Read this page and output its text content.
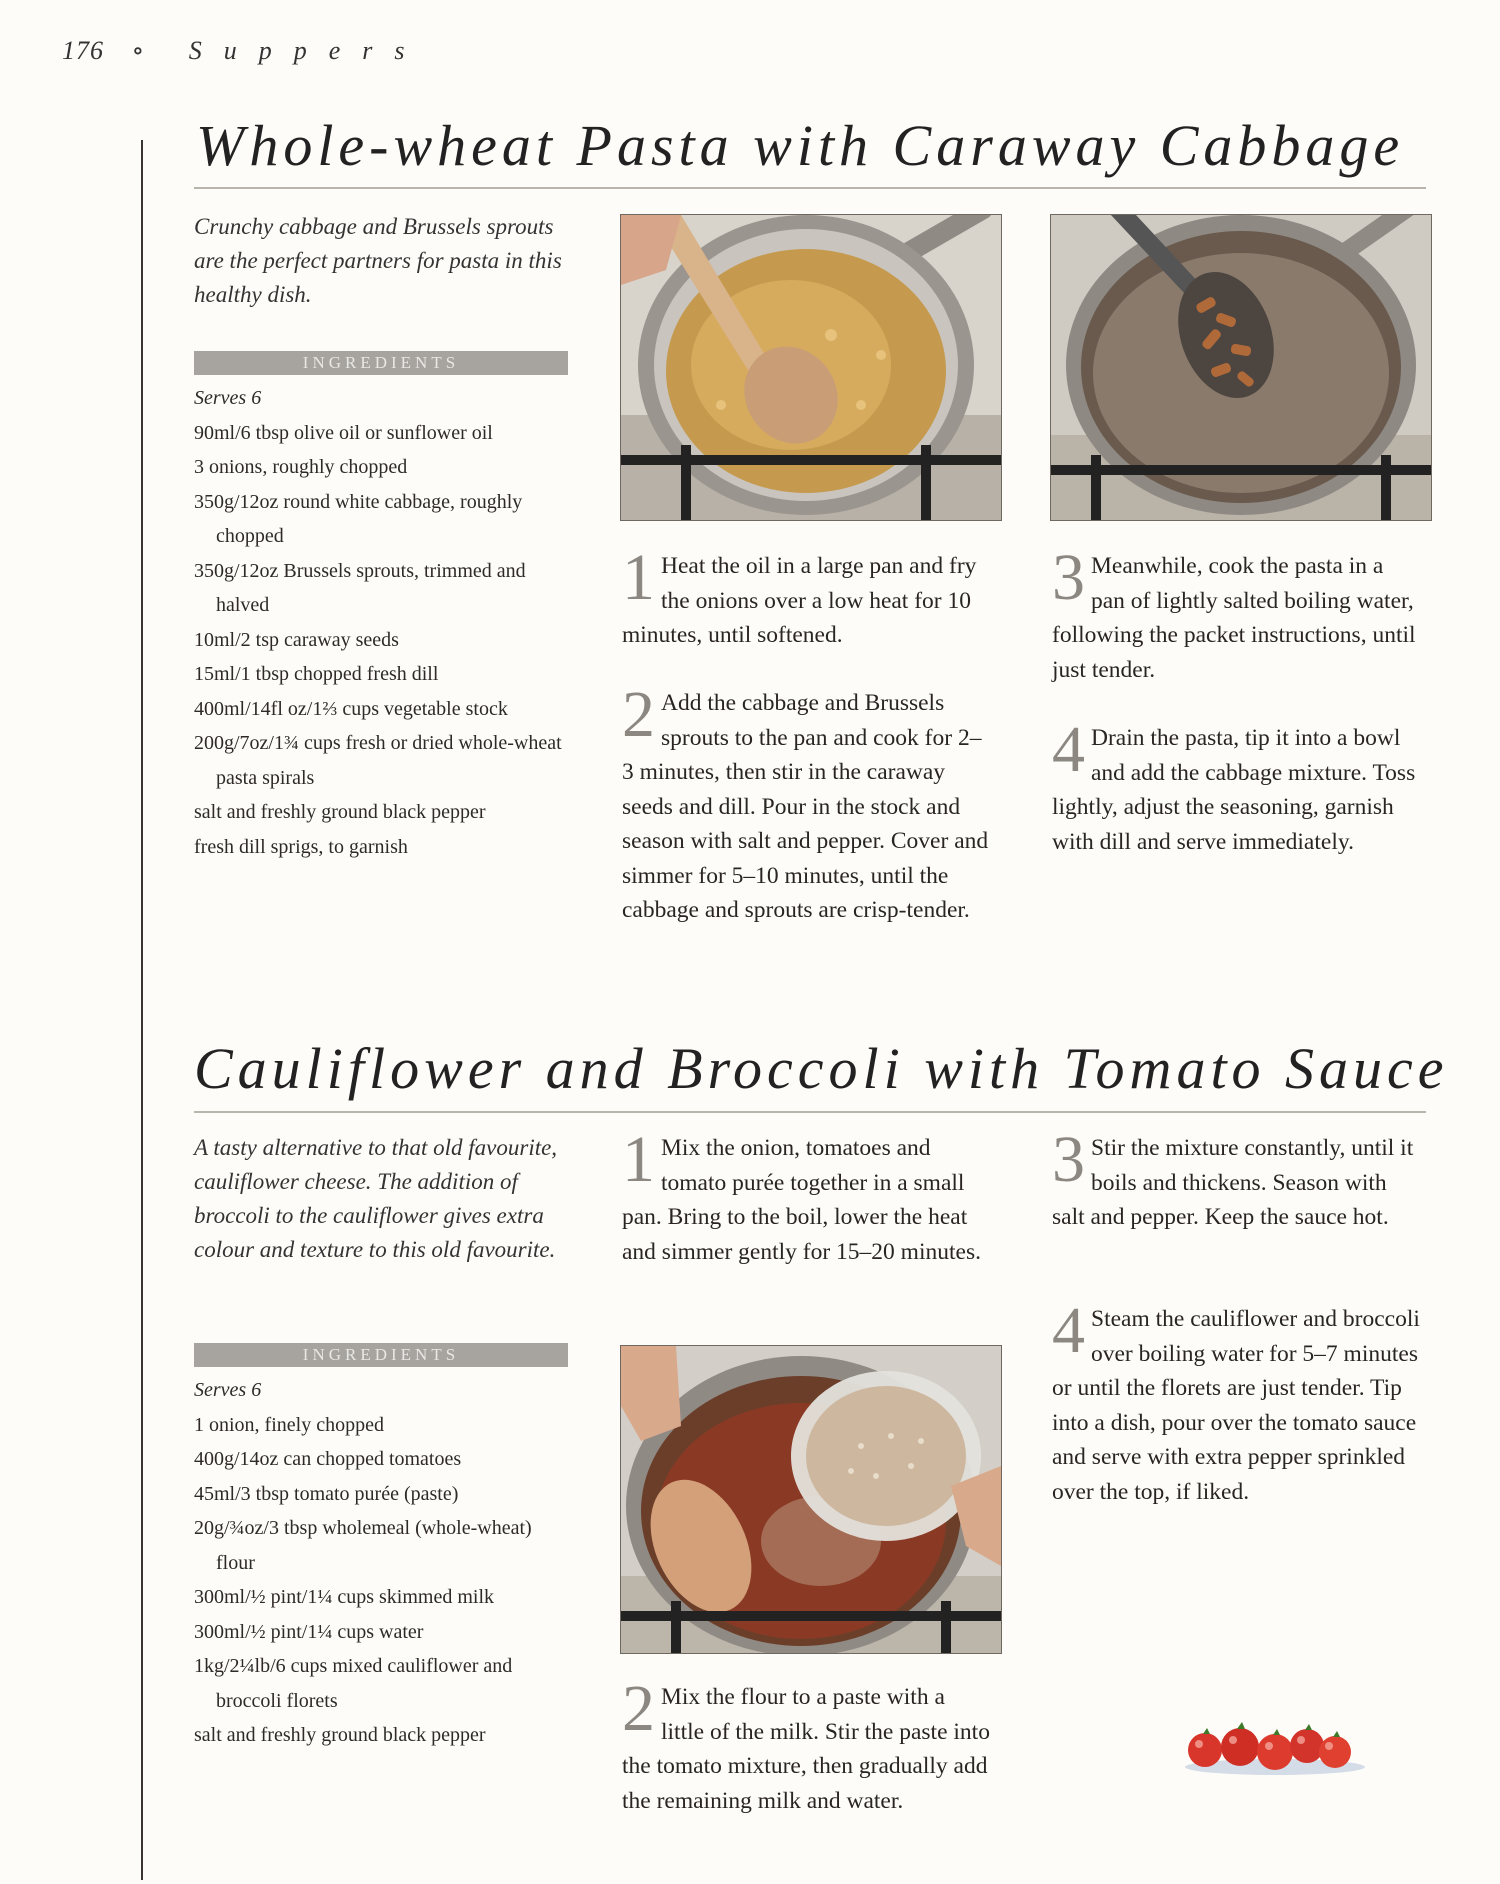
176 ∘ Suppers
Whole-wheat Pasta with Caraway Cabbage
Crunchy cabbage and Brussels sprouts are the perfect partners for pasta in this healthy dish.
INGREDIENTS
Serves 6
90ml/6 tbsp olive oil or sunflower oil
3 onions, roughly chopped
350g/12oz round white cabbage, roughly chopped
350g/12oz Brussels sprouts, trimmed and halved
10ml/2 tsp caraway seeds
15ml/1 tbsp chopped fresh dill
400ml/14fl oz/1⅔ cups vegetable stock
200g/7oz/1¾ cups fresh or dried whole-wheat pasta spirals
salt and freshly ground black pepper
fresh dill sprigs, to garnish
1 Heat the oil in a large pan and fry the onions over a low heat for 10 minutes, until softened.
2 Add the cabbage and Brussels sprouts to the pan and cook for 2–3 minutes, then stir in the caraway seeds and dill. Pour in the stock and season with salt and pepper. Cover and simmer for 5–10 minutes, until the cabbage and sprouts are crisp-tender.
3 Meanwhile, cook the pasta in a pan of lightly salted boiling water, following the packet instructions, until just tender.
4 Drain the pasta, tip it into a bowl and add the cabbage mixture. Toss lightly, adjust the seasoning, garnish with dill and serve immediately.
Cauliflower and Broccoli with Tomato Sauce
A tasty alternative to that old favourite, cauliflower cheese. The addition of broccoli to the cauliflower gives extra colour and texture to this old favourite.
INGREDIENTS
Serves 6
1 onion, finely chopped
400g/14oz can chopped tomatoes
45ml/3 tbsp tomato purée (paste)
20g/¾oz/3 tbsp wholemeal (whole-wheat) flour
300ml/½ pint/1¼ cups skimmed milk
300ml/½ pint/1¼ cups water
1kg/2¼lb/6 cups mixed cauliflower and broccoli florets
salt and freshly ground black pepper
1 Mix the onion, tomatoes and tomato purée together in a small pan. Bring to the boil, lower the heat and simmer gently for 15–20 minutes.
2 Mix the flour to a paste with a little of the milk. Stir the paste into the tomato mixture, then gradually add the remaining milk and water.
3 Stir the mixture constantly, until it boils and thickens. Season with salt and pepper. Keep the sauce hot.
4 Steam the cauliflower and broccoli over boiling water for 5–7 minutes or until the florets are just tender. Tip into a dish, pour over the tomato sauce and serve with extra pepper sprinkled over the top, if liked.
